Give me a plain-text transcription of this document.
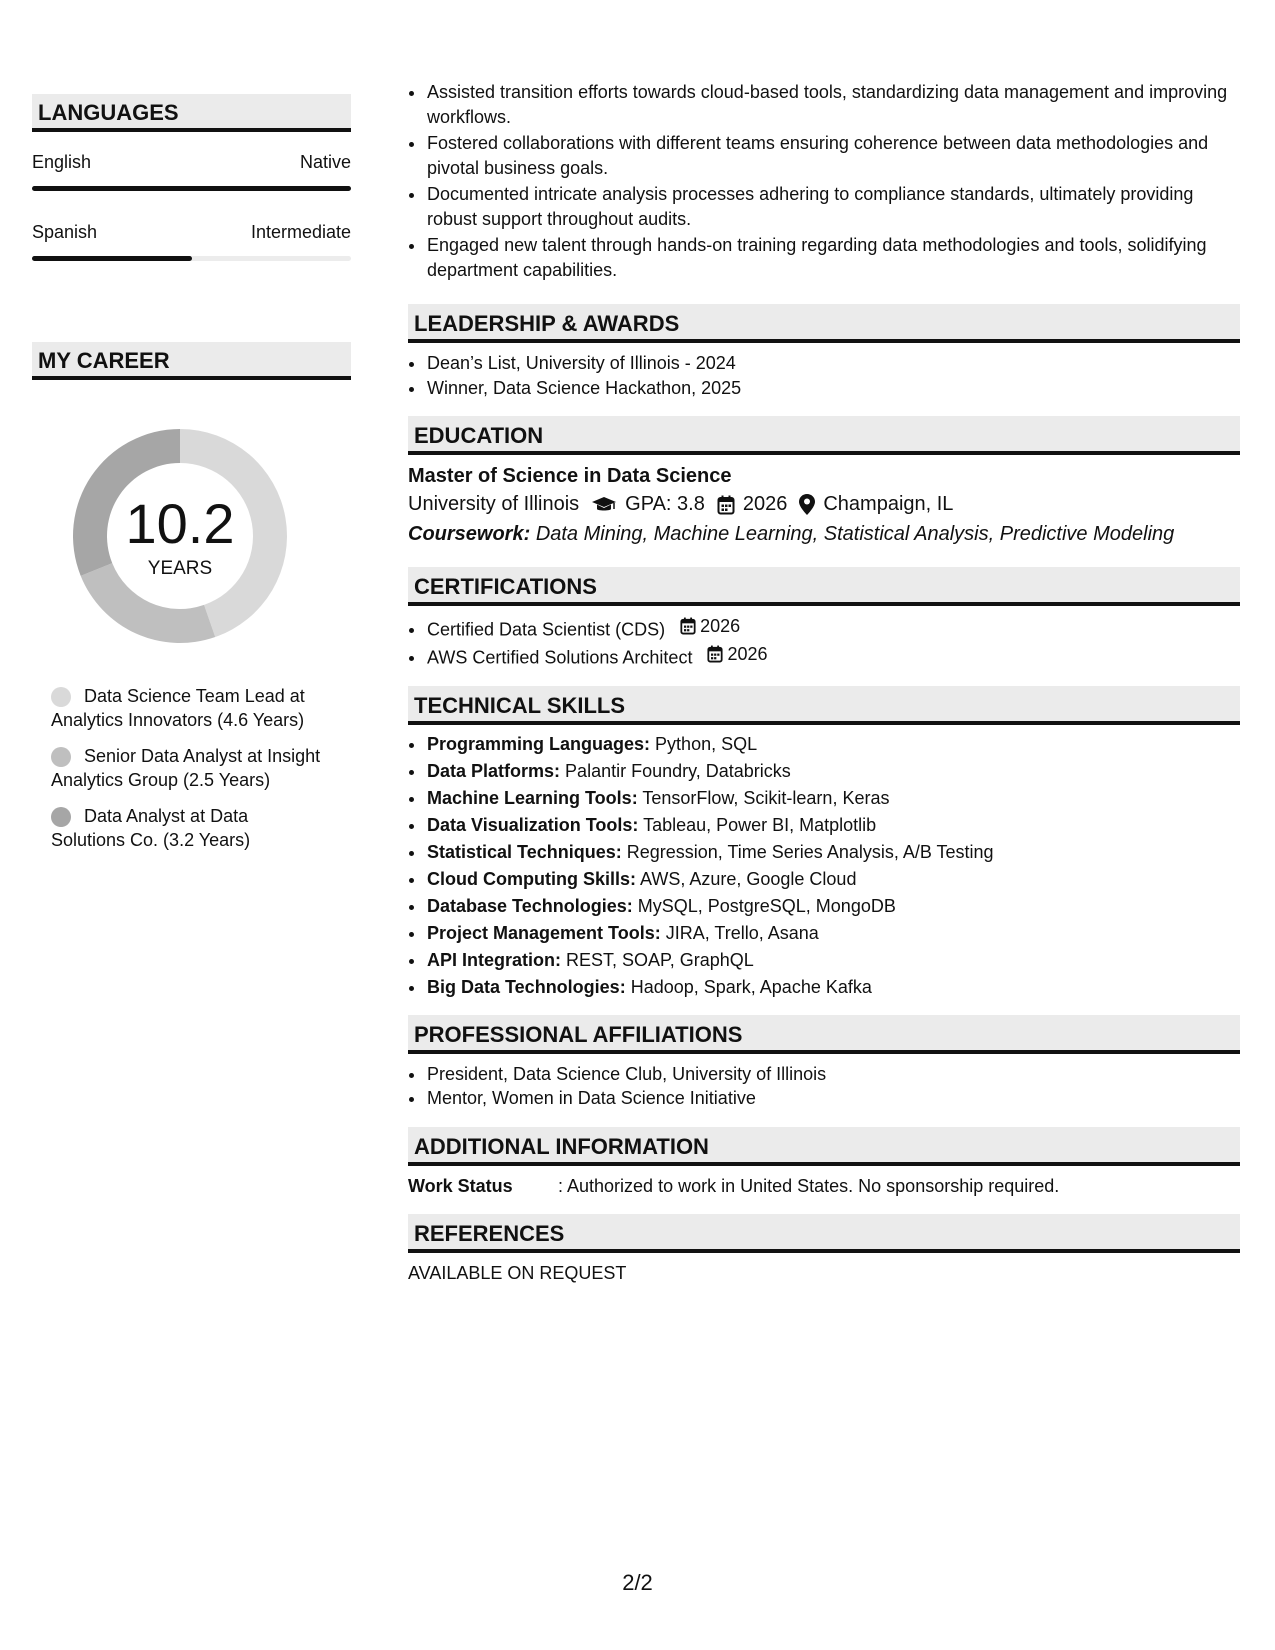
LANGUAGES
English	Native
Spanish	Intermediate
MY CAREER
10.2
YEARS
Data Science Team Lead at Analytics Innovators (4.6 Years)
Senior Data Analyst at Insight Analytics Group (2.5 Years)
Data Analyst at Data Solutions Co. (3.2 Years)
• Assisted transition efforts towards cloud-based tools, standardizing data management and improving workflows.
• Fostered collaborations with different teams ensuring coherence between data methodologies and pivotal business goals.
• Documented intricate analysis processes adhering to compliance standards, ultimately providing robust support throughout audits.
• Engaged new talent through hands-on training regarding data methodologies and tools, solidifying department capabilities.
LEADERSHIP & AWARDS
• Dean’s List, University of Illinois - 2024
• Winner, Data Science Hackathon, 2025
EDUCATION
Master of Science in Data Science
University of Illinois GPA: 3.8 2026 Champaign, IL
Coursework: Data Mining, Machine Learning, Statistical Analysis, Predictive Modeling
CERTIFICATIONS
• Certified Data Scientist (CDS) 2026
• AWS Certified Solutions Architect 2026
TECHNICAL SKILLS
• Programming Languages: Python, SQL
• Data Platforms: Palantir Foundry, Databricks
• Machine Learning Tools: TensorFlow, Scikit-learn, Keras
• Data Visualization Tools: Tableau, Power BI, Matplotlib
• Statistical Techniques: Regression, Time Series Analysis, A/B Testing
• Cloud Computing Skills: AWS, Azure, Google Cloud
• Database Technologies: MySQL, PostgreSQL, MongoDB
• Project Management Tools: JIRA, Trello, Asana
• API Integration: REST, SOAP, GraphQL
• Big Data Technologies: Hadoop, Spark, Apache Kafka
PROFESSIONAL AFFILIATIONS
• President, Data Science Club, University of Illinois
• Mentor, Women in Data Science Initiative
ADDITIONAL INFORMATION
Work Status	: Authorized to work in United States. No sponsorship required.
REFERENCES
AVAILABLE ON REQUEST
2/2
